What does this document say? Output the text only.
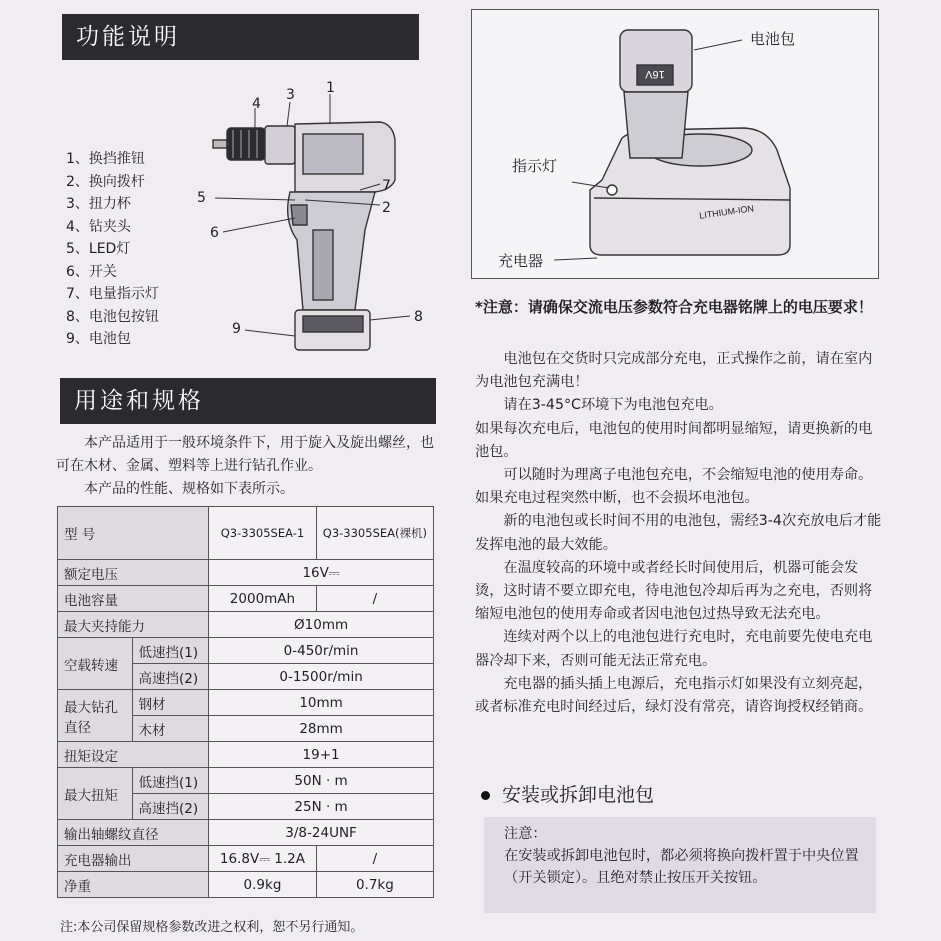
功能说明
1
2
3
4
5
6
7
8
9
1、换挡推钮
2、换向拨杆
3、扭力杯
4、钻夹头
5、LED灯
6、开关
7、电量指示灯
8、电池包按钮
9、电池包
用途和规格

本产品适用于一般环境条件下，用于旋入及旋出螺丝，也可在木材、金属、塑料等上进行钻孔作业。

本产品的性能、规格如下表所示。

型 号		Q3-3305SEA-1	Q3-3305SEA(裸机)
额定电压		16V⎓	
电池容量		2000mAh	/
最大夹持能力		Ø10mm	
空载转速	低速挡(1)	0-450r/min	
	高速挡(2)	0-1500r/min	
最大钻孔直径	钢材	10mm	
	木材	28mm	
扭矩设定		19+1	
最大扭矩	低速挡(1)	50N · m	
	高速挡(2)	25N · m	
输出轴螺纹直径		3/8-24UNF	
充电器输出		16.8V⎓ 1.2A	/
净重		0.9kg	0.7kg
注:本公司保留规格参数改进之权利，恕不另行通知。
16V
LITHIUM-ION
电池包
指示灯
充电器
*注意：请确保交流电压参数符合充电器铭牌上的电压要求！

电池包在交货时只完成部分充电，正式操作之前，请在室内为电池包充满电！

请在3-45°C环境下为电池包充电。

如果每次充电后，电池包的使用时间都明显缩短，请更换新的电池包。

可以随时为理离子电池包充电，不会缩短电池的使用寿命。如果充电过程突然中断，也不会损坏电池包。

新的电池包或长时间不用的电池包，需经3-4次充放电后才能发挥电池的最大效能。

在温度较高的环境中或者经长时间使用后，机器可能会发烫，这时请不要立即充电，待电池包冷却后再为之充电，否则将缩短电池包的使用寿命或者因电池包过热导致无法充电。

连续对两个以上的电池包进行充电时，充电前要先使电充电器冷却下来，否则可能无法正常充电。

充电器的插头插上电源后，充电指示灯如果没有立刻亮起，或者标准充电时间经过后，绿灯没有常亮，请咨询授权经销商。

安装或拆卸电池包

注意：

在安装或拆卸电池包时，都必须将换向拨杆置于中央位置（开关锁定）。且绝对禁止按压开关按钮。
